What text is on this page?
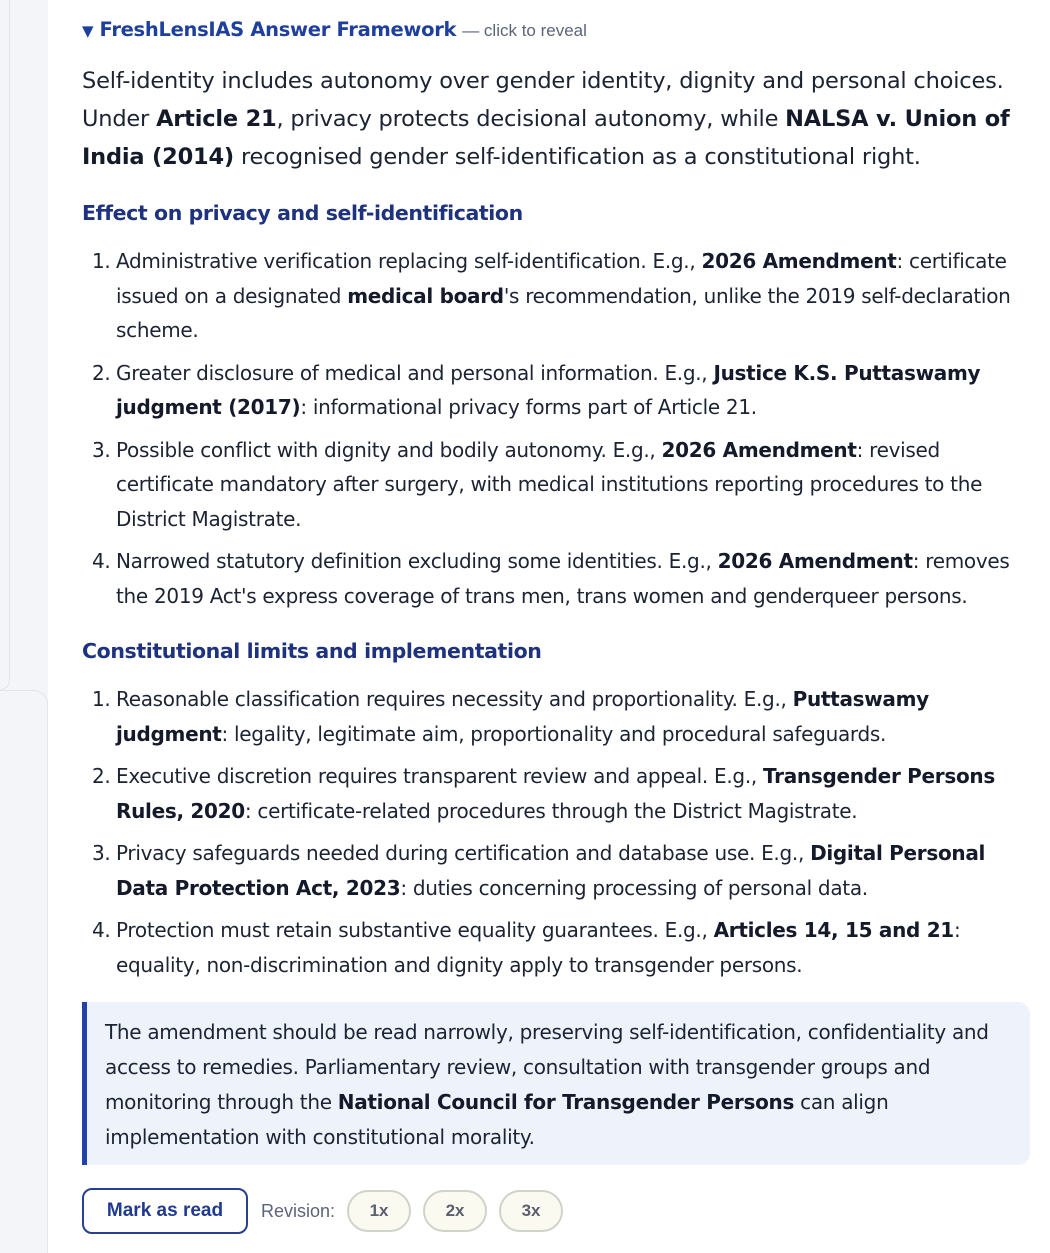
▼ FreshLensIAS Answer Framework — click to reveal

Self-identity includes autonomy over gender identity, dignity and personal choices. Under Article 21, privacy protects decisional autonomy, while NALSA v. Union of India (2014) recognised gender self-identification as a constitutional right.

Effect on privacy and self-identification
1. Administrative verification replacing self-identification. E.g., 2026 Amendment: certificate issued on a designated medical board's recommendation, unlike the 2019 self-declaration scheme.
2. Greater disclosure of medical and personal information. E.g., Justice K.S. Puttaswamy judgment (2017): informational privacy forms part of Article 21.
3. Possible conflict with dignity and bodily autonomy. E.g., 2026 Amendment: revised certificate mandatory after surgery, with medical institutions reporting procedures to the District Magistrate.
4. Narrowed statutory definition excluding some identities. E.g., 2026 Amendment: removes the 2019 Act's express coverage of trans men, trans women and genderqueer persons.
Constitutional limits and implementation
1. Reasonable classification requires necessity and proportionality. E.g., Puttaswamy judgment: legality, legitimate aim, proportionality and procedural safeguards.
2. Executive discretion requires transparent review and appeal. E.g., Transgender Persons Rules, 2020: certificate-related procedures through the District Magistrate.
3. Privacy safeguards needed during certification and database use. E.g., Digital Personal Data Protection Act, 2023: duties concerning processing of personal data.
4. Protection must retain substantive equality guarantees. E.g., Articles 14, 15 and 21: equality, non-discrimination and dignity apply to transgender persons.
The amendment should be read narrowly, preserving self-identification, confidentiality and access to remedies. Parliamentary review, consultation with transgender groups and monitoring through the National Council for Transgender Persons can align implementation with constitutional morality.
Mark as read	Revision:	1x	2x	3x
